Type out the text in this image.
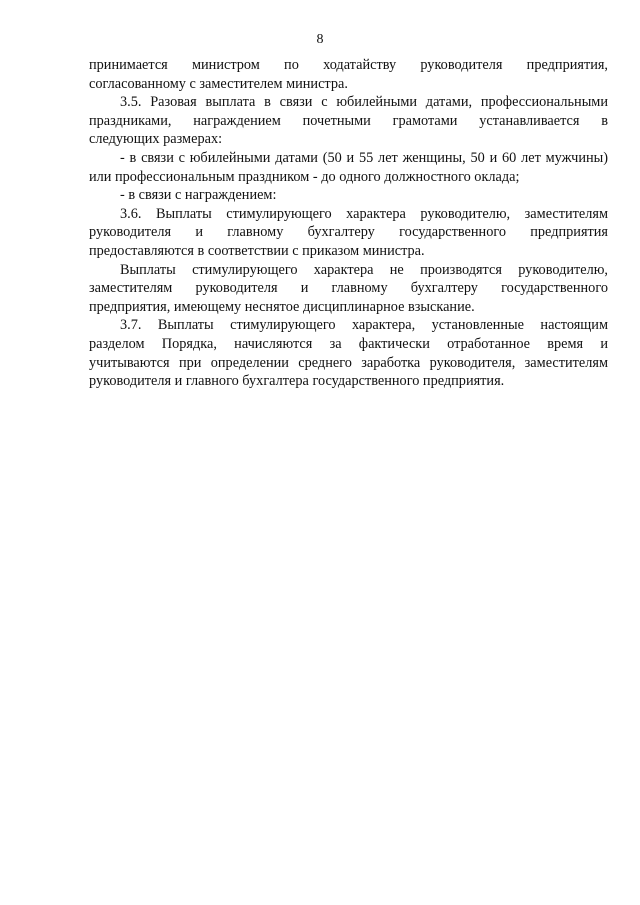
8
принимается министром по ходатайству руководителя предприятия,
согласованному с заместителем министра.
3.5. Разовая выплата в связи с юбилейными датами, профессиональными
праздниками, награждением почетными грамотами устанавливается в
следующих размерах:
- в связи с юбилейными датами (50 и 55 лет женщины, 50 и 60 лет мужчины)
или профессиональным праздником - до одного должностного оклада;
- в связи с награждением:
3.6. Выплаты стимулирующего характера руководителю, заместителям
руководителя и главному бухгалтеру государственного предприятия
предоставляются в соответствии с приказом министра.
Выплаты стимулирующего характера не производятся руководителю,
заместителям руководителя и главному бухгалтеру государственного
предприятия, имеющему неснятое дисциплинарное взыскание.
3.7. Выплаты стимулирующего характера, установленные настоящим
разделом Порядка, начисляются за фактически отработанное время и
учитываются при определении среднего заработка руководителя, заместителям
руководителя и главного бухгалтера государственного предприятия.
